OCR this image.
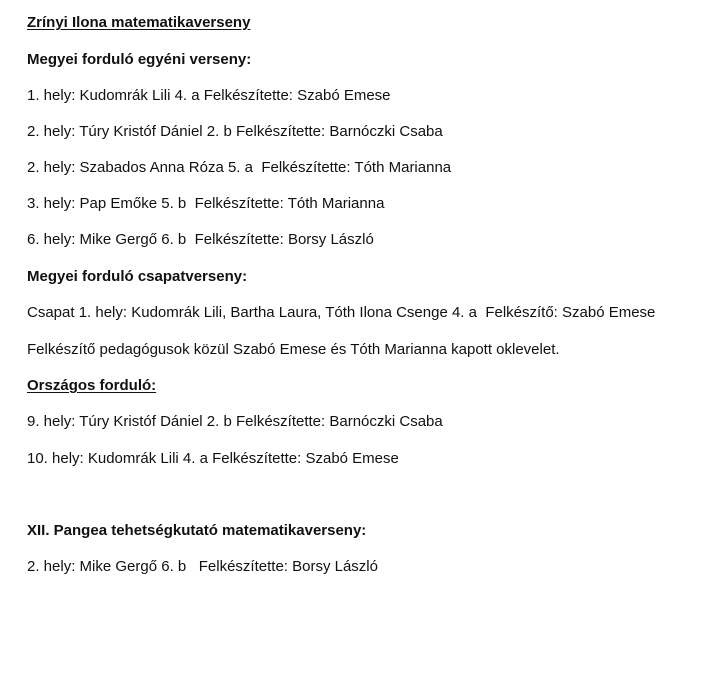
Zrínyi Ilona matematikaverseny
Megyei forduló egyéni verseny:
1. hely: Kudomrák Lili 4. a Felkészítette: Szabó Emese
2. hely: Túry Kristóf Dániel 2. b Felkészítette: Barnóczki Csaba
2. hely: Szabados Anna Róza 5. a  Felkészítette: Tóth Marianna
3. hely: Pap Emőke 5. b  Felkészítette: Tóth Marianna
6. hely: Mike Gergő 6. b  Felkészítette: Borsy László
Megyei forduló csapatverseny:
Csapat 1. hely: Kudomrák Lili, Bartha Laura, Tóth Ilona Csenge 4. a  Felkészítő: Szabó Emese
Felkészítő pedagógusok közül Szabó Emese és Tóth Marianna kapott oklevelet.
Országos forduló:
9. hely: Túry Kristóf Dániel 2. b Felkészítette: Barnóczki Csaba
10. hely: Kudomrák Lili 4. a Felkészítette: Szabó Emese
XII. Pangea tehetségkutató matematikaverseny:
2. hely: Mike Gergő 6. b   Felkészítette: Borsy László
